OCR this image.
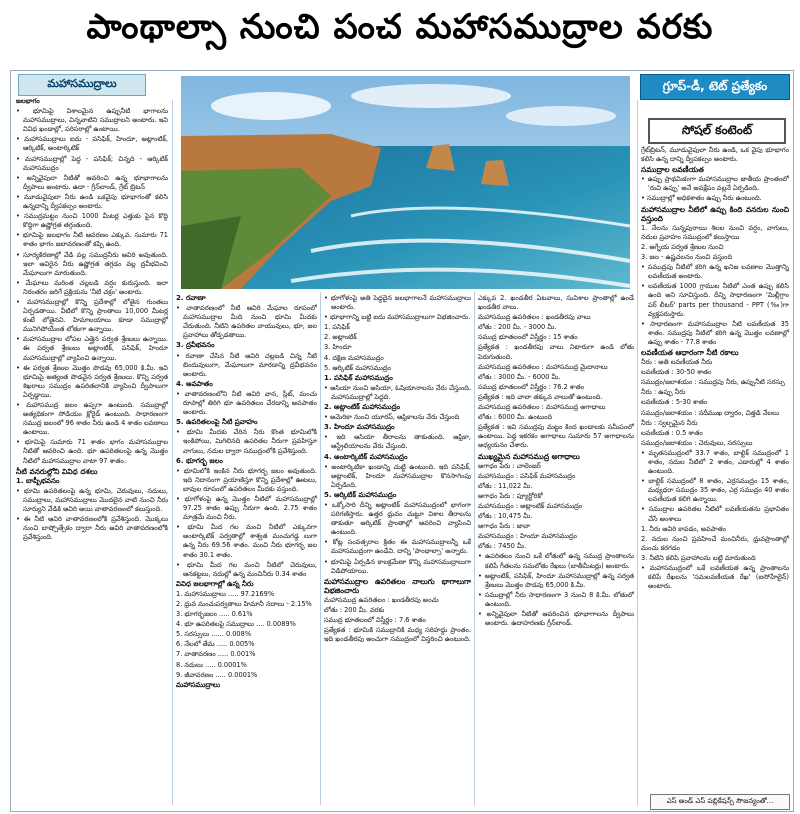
పాంథాల్సా నుంచి పంచ మహాసముద్రాల వరకు
మహాసముద్రాలు	గ్రూప్-డీ, టెట్ ప్రత్యేకం
సోషల్ కంటెంట్

జలభాగం

• భూమిపై విశాలమైన ఉప్పునీటి భాగాలను మహాసముద్రాలు, చిన్నవాటిని సముద్రాలని అంటారు. ఇవి వివిధ ఖండాల్లో, పరిసరాల్లో ఉంటాయి.

• మహాసముద్రాలు ఐదు - పసిఫిక్, హిందూ, అట్లాంటిక్, ఆర్కిటిక్, అంటార్కిటిక్

• మహాసముద్రాల్లో పెద్ద - పసిఫిక్; చిన్నది - ఆర్కిటిక్ మహాసముద్రం

• అన్నివైపులా నీటితో ఆవరించి ఉన్న భూభాగాలను ద్వీపాలు అంటారు. ఉదా - గ్రీన్‌లాండ్, గ్రేట్ బ్రిటన్

• మూడువైపులా నీరు ఉండి ఒకవైపు భూభాగంతో కలిసి ఉన్నదాన్ని ద్వీపకల్పం అంటారు.

• సముద్రమట్టం నుంచి 1000 మీటర్ల ఎత్తుకు పైన కొద్ది కొద్దిగా ఉష్ణోగ్రత తగ్గుతుంది.

• భూమిపై జలభాగం నీటి ఆవరణం ఎక్కువ. సుమారు 71 శాతం భాగం జలావరణంతో కప్పి ఉంది.

• సూర్యకిరణాల్లో వేడి వల్ల సముద్రనీరు ఆవిరి అవుతుంది. ఇలా ఆవిరైన నీరు ఉష్ణోగ్రత తగ్గడం వల్ల ద్రవీభవించి మేఘాలుగా మారుతుంది.

• మేఘాలు మరింత చల్లబడి వర్షం కురుస్తుంది. ఇలా నిరంతరం జరిగే ప్రక్రియను 'నీటి చక్రం' అంటారు.

• మహాసముద్రాల్లో కొన్ని ప్రదేశాల్లో లోతైన గుంతలు ఏర్పడతాయి. వీటిలో కొన్ని ప్రాంతాలు 10,000 మీటర్ల కంటే లోతైనవి. హిమాలయాలు కూడా సముద్రాల్లో మునిగిపోయేంత లోతుగా ఉన్నాయి.

• మహాసముద్రాల లోపల ఎత్తైన పర్వత శ్రేణులు ఉన్నాయి. ఈ పర్వత శ్రేణులు అట్లాంటిక్, పసిఫిక్, హిందూ మహాసముద్రాల్లో వ్యాపించి ఉన్నాయి.

• ఈ పర్వత శ్రేణుల మొత్తం పొడవు 65,000 కి.మీ. ఇవి భూమిపై అత్యంత పొడవైన పర్వత శ్రేణులు. కొన్ని పర్వత శిఖరాలు సముద్రం ఉపరితలానికి వ్యాపించి ద్వీపాలుగా ఏర్పడ్డాయి.

• మహాసముద్ర జలం ఉప్పగా ఉంటుంది. సముద్రాల్లో అత్యధికంగా సోడియం క్లోరైడ్ ఉంటుంది. సాధారణంగా సముద్ర జలంలో 96 శాతం నీరు ఉండి 4 శాతం లవణాలు ఉంటాయి.

• భూమిపై సుమారు 71 శాతం భాగం మహాసముద్రాల నీటితో ఆవరించి ఉంది. భూ ఉపరితలంపై ఉన్న మొత్తం నీటిలో మహాసముద్రాల వాటా 97 శాతం.

నీటి వనరుల్లోని వివిధ దశలు

1. బాష్పీభవనం

• భూమి ఉపరితలంపై ఉన్న భూమి, చెరువులు, నదులు, సముద్రాలు, మహాసముద్రాలు మొదలైన వాటి నుంచి నీరు సూర్యుని వేడికి ఆవిరి అయి వాతావరణంలో కలుస్తుంది.

• ఈ నీటి ఆవిరి వాతావరణంలోకి ప్రవేశిస్తుంది. మొక్కలు నుంచి బాష్పోత్సేకం ద్వారా నీరు ఆవిరి వాతావరణంలోకి ప్రవేశిస్తుంది.

2. రవాణా

• వాతావరణంలో నీటి ఆవిరి మేఘాల రూపంలో మహాసముద్రాల మీది నుంచి భూమి మీదకు చేరుతుంది. నీటిని ఉపరితల వాయువులు, భూ, జల ప్రవాహాలు తోడ్పడతాయి.

3. ద్రవీభవనం

• రవాణా చేసిన నీటి ఆవిరి చల్లబడి చిన్న నీటి బిందువులుగా, మేఘాలుగా మారడాన్ని ద్రవీభవనం అంటారు.

4. అవపాతం

• వాతావరణంలోని నీటి ఆవిరి వాన, స్లీట్, మంచు రూపాల్లో తిరిగి భూ ఉపరితలం చేరడాన్ని అవపాతం అంటారు.

5. ఉపరితలంపై నీటి ప్రవాహం

• భూమి మీదకు చేరిన నీరు కొంత భూమిలోకి ఇంకిపోయి, మిగిలినది ఉపరితల నీరుగా ప్రవహిస్తూ వాగులు, నదుల ద్వారా సముద్రంలోకి ప్రవేశిస్తుంది.

6. భూగర్భ జలం

• భూమిలోకి ఇంకిన నీరు భూగర్భ జలం అవుతుంది. ఇది నిదానంగా ప్రయాణిస్తూ కొన్ని ప్రదేశాల్లో ఊటలు, బావుల రూపంలో ఉపరితలం మీదకు వస్తుంది.

• భూగోళంపై ఉన్న మొత్తం నీటిలో మహాసముద్రాల్లో 97.25 శాతం ఉప్పు నీరుగా ఉంది. 2.75 శాతం మాత్రమే మంచి నీరు.

• భూమి మీద గల మంచి నీటిలో ఎక్కువగా అంటార్కిటిక్ పర్వతాల్లో శాశ్వత మంచుగడ్డ లుగా ఉన్న నీరు 69.56 శాతం. మంచి నీరు భూగర్భ జల శాతం 30.1 శాతం.

• భూమి మీద గల మంచి నీటిలో చెరువులు, ఆనకట్టలు, నదుల్లో ఉన్న మంచినీరు 0.34 శాతం

వివిధ జలభాగాల్లో ఉన్న నీరు

1. మహాసముద్రాలు ..... 97.2169%

2. ధ్రువ మంచుపర్వతాలు హిమానీ నదాలు - 2.15%

3. భూగర్భజలం ..... 0.61%

4. భూ ఉపరితలపై సముద్రాలు .... 0.0089%

5. సరస్సులు ...... 0.008%

6. నేలలో తేమ ..... 0.005%

7. వాతావరణం ..... 0.001%

8. నదులు ..... 0.0001%

9. జీవావరణం ..... 0.0001%

మహాసముద్రాలు

• భూగోళంపై అతి పెద్దదైన జలభాగాలనే మహాసముద్రాలు అంటారు.

• భూభాగాన్ని బట్టి ఐదు మహాసముద్రాలుగా విభజించారు.

1. పసిఫిక్

2. అట్లాంటిక్

3. హిందూ

4. దక్షిణ మహాసముద్రం

5. ఆర్కిటిక్ మహాసముద్రం

1. పసిఫిక్ మహాసముద్రం

• ఆసియా నుంచి ఆసియా, ఓషియానాలను వేరు చేస్తుంది. మహాసముద్రాల్లో పెద్దది.

2. అట్లాంటిక్ మహాసముద్రం

• అమెరికా నుంచి యూరప్, ఆఫ్రికాలను వేరు చేస్తుంది

3. హిందూ మహాసముద్రం

• ఇది ఆసియా తీరాలను తాకుతుంది. ఆఫ్రికా, ఆస్ట్రేలియాలను వేరు చేస్తుంది.

4. అంటార్కిటిక్ మహాసముద్రం

• అంటార్కిటికా ఖండాన్ని చుట్టి ఉంటుంది. ఇది పసిఫిక్, అట్లాంటిక్, హిందూ మహాసముద్రాల కొనసాగింపు ఏర్పడింది.

5. ఆర్కిటిక్ మహాసముద్రం

• ఒక్కోసారి దీన్ని అట్లాంటిక్ మహాసముద్రంలో భాగంగా పరిగణిస్తారు. ఉత్తర ధ్రువం చుట్టూ విశాల తీరాలను తాకుతూ ఆర్కిటిక్ ప్రాంతాల్లో ఆవరించి వ్యాపించి ఉంటుంది.

• కోట్ల సంవత్సరాల క్రితం ఈ మహాసముద్రాలన్నీ ఒకే మహాసముద్రంగా ఉండేవి. దాన్ని 'పాంథాల్సా' అన్నారు.

• భూమిపై ఏర్పడిన కాలక్రమేణా కొన్ని మహాసముద్రాలుగా విడిపోయాయి.

మహాసముద్రాల ఉపరితలం నాలుగు భాగాలుగా విభజించారు

మహాసముద్ర ఉపరితలం : ఖండతీరపు అంచు

లోతు : 200 మీ. వరకు

సముద్ర భూతలంలో విస్తీర్ణం : 7.6 శాతం

ప్రత్యేకత : భూమికి సముద్రానికి మధ్య సరిహద్దు ప్రాంతం. ఇది ఖండతీరపు అంచుగా సముద్రంలో విస్తరించి ఉంటుంది.

ఎక్కువ 2. ఖండతీర ఏటవాలు, సువిశాల ప్రాంతాల్లో ఉండే ఖండతీర వాలు.

మహాసముద్ర ఉపరితలం : ఖండతీరపు వాలు

లోతు : 200 మీ. - 3000 మీ.

సముద్ర భూతలంలో విస్తీర్ణం : 15 శాతం

ప్రత్యేకత : ఖండతీరపు వాలు నిటారుగా ఉండి లోతు పెరుగుతుంది.

మహాసముద్ర ఉపరితలం : మహాసముద్ర మైదానాలు

లోతు : 3000 మీ. - 6000 మీ.

సముద్ర భూతలంలో విస్తీర్ణం : 76.2 శాతం

ప్రత్యేకత : ఇది చాలా తక్కువ వాలుతో ఉంటుంది.

మహాసముద్ర ఉపరితలం : మహాసముద్ర అగాధాలు

లోతు : 6000 మీ. ఉంటుంది

ప్రత్యేకత : ఇవి సముద్రపు మట్టం కింద ఖండాలకు సమీపంలో ఉంటాయి. పెద్ద ఇకరకం అగాధాలు సుమారు 57 అగాధాలను అధ్యయనం చేశారు.

ముఖ్యమైన మహాసముద్ర అగాధాలు

అగాధం పేరు : చాలెంజర్

మహాసముద్రం : పసిఫిక్ మహాసముద్రం

లోతు : 11,022 మీ.

అగాధం పేరు : ప్యూర్టోరికో

మహాసముద్రం : అట్లాంటిక్ మహాసముద్రం

లోతు : 10,475 మీ.

అగాధం పేరు : జావా

మహాసముద్రం : హిందూ మహాసముద్రం

లోతు : 7450 మీ.

• ఉపరితలం నుంచి ఒకే లోతులో ఉన్న సముద్ర ప్రాంతాలను కలిపే గీతలను సమలోతు రేఖలు (బాతీమీటర్లు) అంటారు.

• అట్లాంటిక్, పసిఫిక్, హిందూ మహాసముద్రాల్లో ఉన్న పర్వత శ్రేణులు మొత్తం పొడవు 65,000 కి.మీ.

• సముద్రాల్లో నీరు సాధారణంగా 3 నుంచి 8 కి.మీ. లోతులో ఉంటుంది.

• అన్నివైపులా నీటితో ఆవరించిన భూభాగాలను ద్వీపాలు అంటారు. ఉదాహరణకు గ్రీన్‌లాండ్.

గ్రేట్‌బ్రిటన్, మూడువైపులా నీరు ఉండి, ఒక వైపు భూభాగం కలిసి ఉన్న దాన్ని ద్వీపకల్పం అంటారు.

సముద్రాల లవణీయత

• ఉప్పు ప్రాథమికంగా మహాసముద్రాల జాతీయ ప్రాంతంలో 'రుచి ఉప్పు' అనే అవక్షేపం వల్లనే ఏర్పడింది.

• సముద్రాల్లో అధికశాతం ఉప్పు నీరు ఉంటుంది.

మహాసముద్రాల నీటిలో ఉప్పు కింది వనరుల నుంచి వస్తుంది

1. నేలను సున్నపురాయి శిలల నుంచి వర్షం, వాగులు, నదుల ప్రవాహం సముద్రంలో కలుస్తాయి

2. ఆగ్నేయ పర్వత శ్రేణుల నుంచి

3. జల - ఉష్ణచలనం నుంచి వస్తుంది

• సముద్రపు నీటిలో కరిగి ఉన్న ఖనిజ లవణాల మొత్తాన్ని లవణీయత అంటారు.

• లవణీయత 1000 గ్రాముల నీటిలో ఎంత ఉప్పు కలిసి ఉంది అని సూచిస్తుంది. దీన్ని సాధారణంగా 'మిల్లీగ్రాం పర్ లీటర్' parts per thousand - PPT (‰)గా వ్యక్తపరుస్తారు.

• సాధారణంగా మహాసముద్రాల నీటి లవణీయత 35 శాతం. సముద్రపు నీటిలో కరిగి ఉన్న మొత్తం లవణాల్లో ఉప్పు శాతం - 77.8 శాతం

లవణీయత ఆధారంగా నీటి రకాలు

నీరు : అతి లవణీయత నీరు

లవణీయత : 30-50 శాతం

సముద్రం/జలాశయం : సముద్రపు నీరు, ఉప్పునీటి సరస్సు

నీరు : ఉప్పు నీరు

లవణీయత : 5-30 శాతం

సముద్రం/జలాశయం : నదీముఖ ద్వారం, చిత్తడి నేలలు

నీరు : స్వల్పమైన నీరు

లవణీయత : 0.5 శాతం

సముద్రం/జలాశయం : చెరువులు, సరస్సులు

• మృతసముద్రంలో 33.7 శాతం, బాల్టిక్ సముద్రంలో 1 శాతం, నదుల నీటిలో 2 శాతం, ఎడారుల్లో 4 శాతం ఉంటుంది.

• బాల్టిక్ సముద్రంలో 8 శాతం, ఎర్రసముద్రం 15 శాతం, మధ్యధరా సముద్రం 35 శాతం, ఎర్ర సముద్రం 40 శాతం లవణీయత కలిగి ఉన్నాయి.

• సముద్రాల ఉపరితల నీటిలో లవణీయతను ప్రభావితం చేసే అంశాలు

1. నీరు ఆవిరి కావడం, అవపాతం

2. నదుల నుంచి ప్రవహించే మంచినీరు, ధ్రువప్రాంతాల్లో మంచు కరగడం

3. నీటిని కలిపి ప్రవాహాలను బట్టి మారుతుంది

• మహాసముద్రంలో ఒకే లవణీయత ఉన్న ప్రాంతాలను కలిపే రేఖలను 'సమలవణీయత రేఖ' (ఐసోహేలైన్) అంటారు.

ఎస్ అండ్ ఎస్ పబ్లికేషన్స్ సౌజన్యంతో...
